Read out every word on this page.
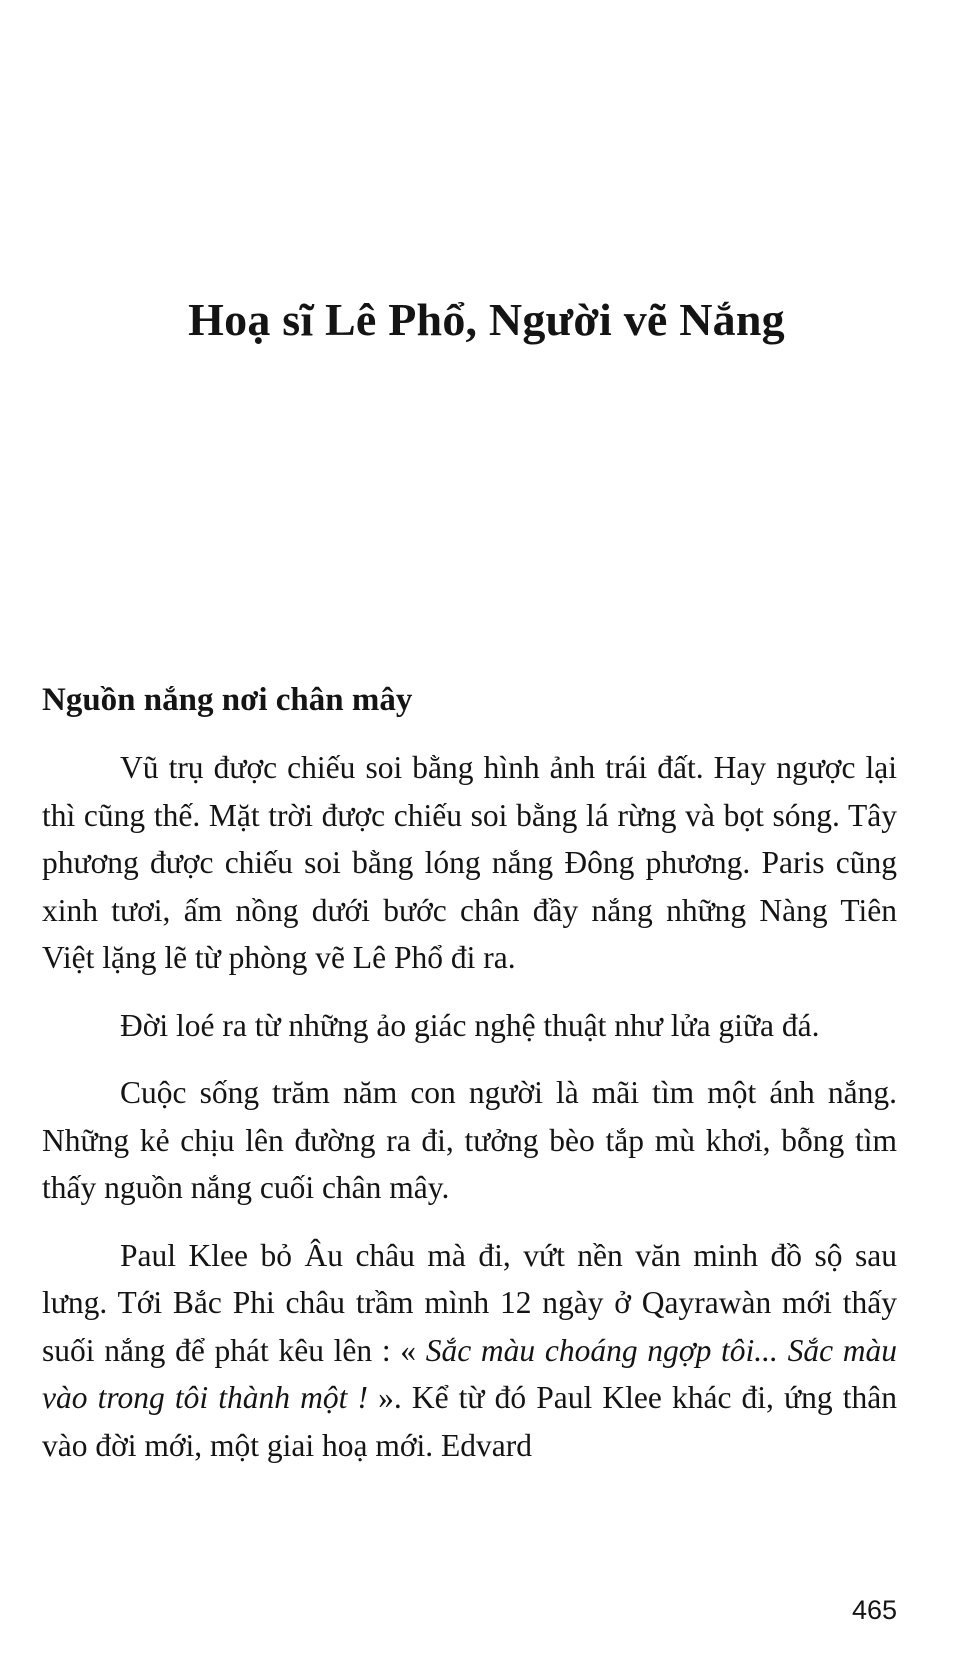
Hoạ sĩ Lê Phổ, Người vẽ Nắng
Nguồn nắng nơi chân mây

Vũ trụ được chiếu soi bằng hình ảnh trái đất. Hay ngược lại thì cũng thế. Mặt trời được chiếu soi bằng lá rừng và bọt sóng. Tây phương được chiếu soi bằng lóng nắng Đông phương. Paris cũng xinh tươi, ấm nồng dưới bước chân đầy nắng những Nàng Tiên Việt lặng lẽ từ phòng vẽ Lê Phổ đi ra.

Đời loé ra từ những ảo giác nghệ thuật như lửa giữa đá.

Cuộc sống trăm năm con người là mãi tìm một ánh nắng. Những kẻ chịu lên đường ra đi, tưởng bèo tắp mù khơi, bỗng tìm thấy nguồn nắng cuối chân mây.

Paul Klee bỏ Âu châu mà đi, vứt nền văn minh đồ sộ sau lưng. Tới Bắc Phi châu trầm mình 12 ngày ở Qayrawàn mới thấy suối nắng để phát kêu lên : « Sắc màu choáng ngợp tôi... Sắc màu vào trong tôi thành một ! ». Kể từ đó Paul Klee khác đi, ứng thân vào đời mới, một giai hoạ mới. Edvard

465
